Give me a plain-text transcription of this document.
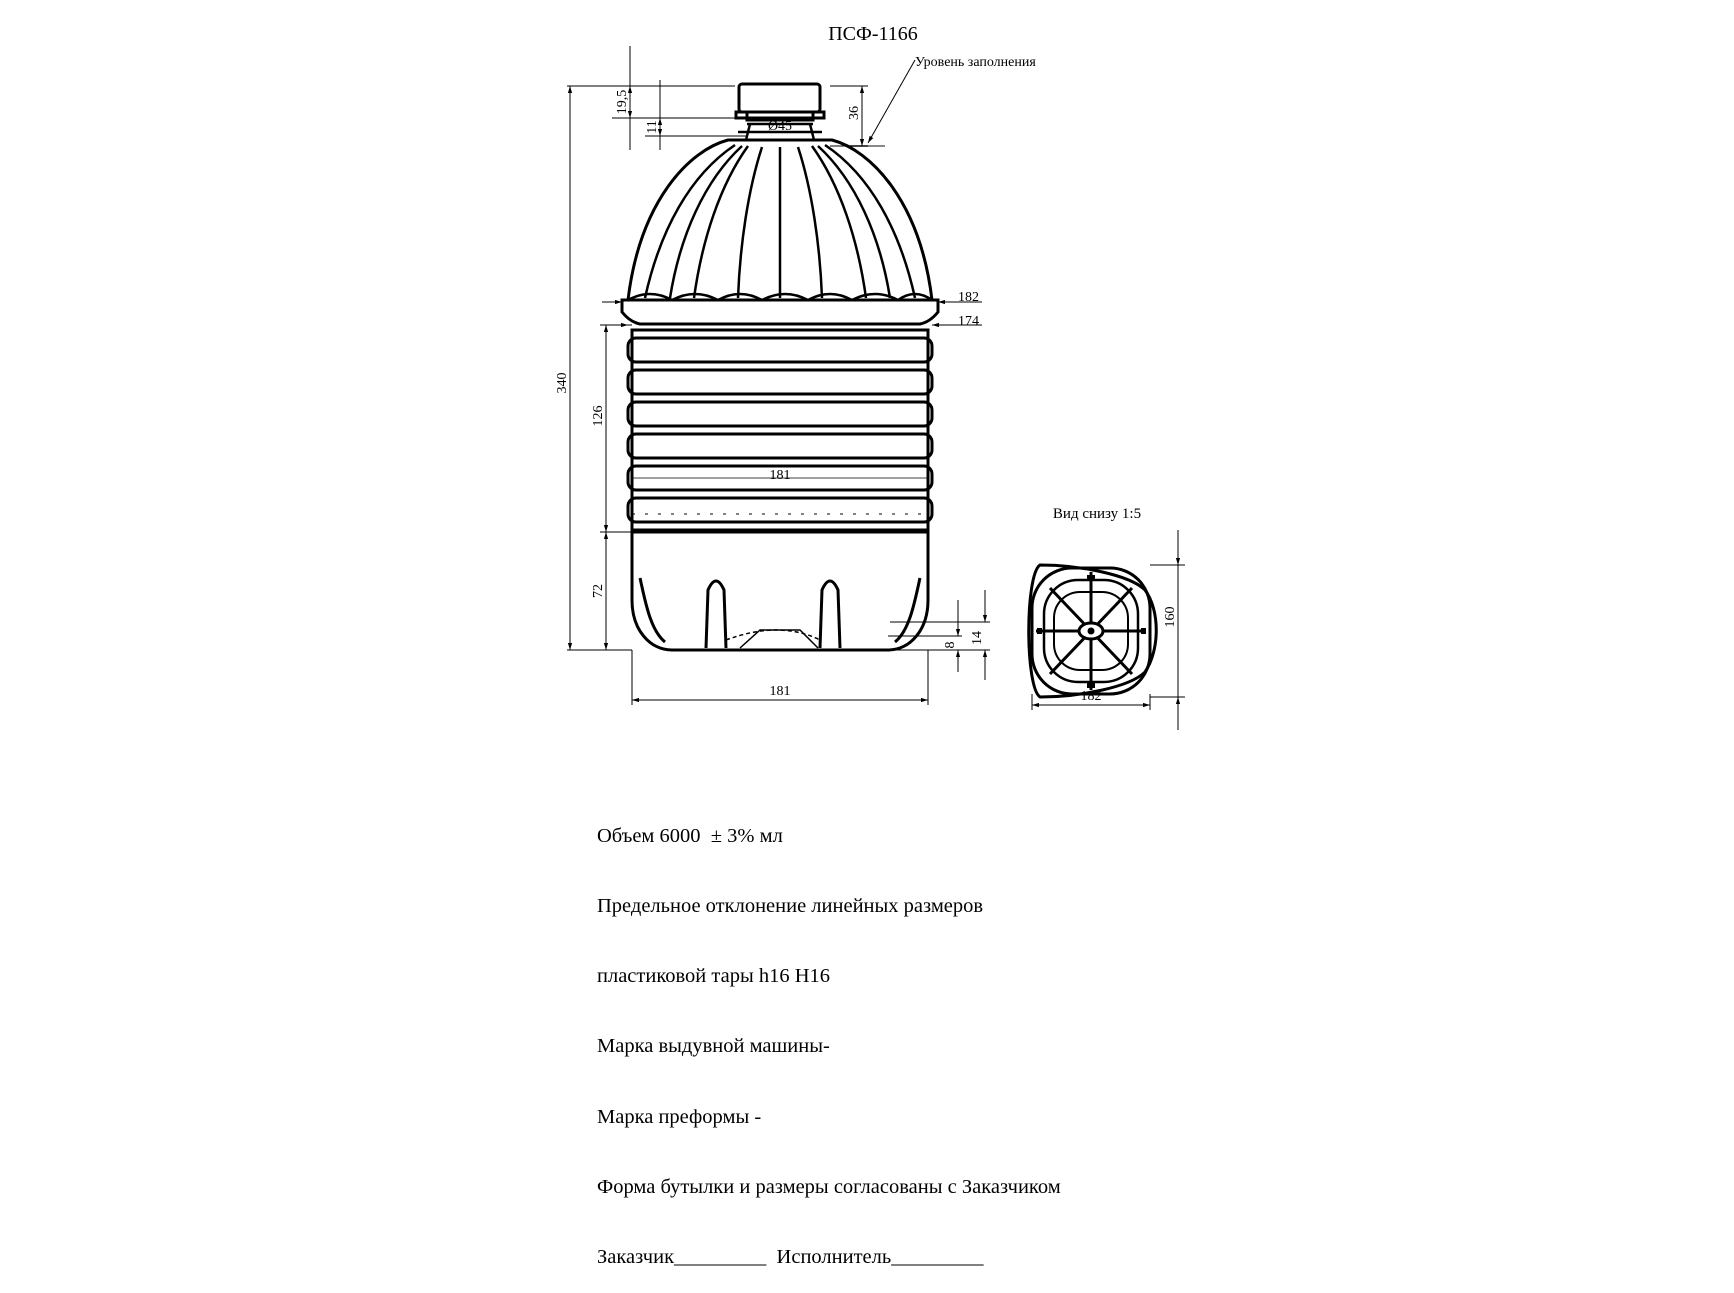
ПСФ-1166
Уровень заполнения
340
19,5
11
36
Ø45
182
174
126
181
72
8 14
181
Вид снизу 1:5
160
182

Объем 6000  ± 3% мл

Предельное отклонение линейных размеров

пластиковой тары h16 H16

Марка выдувной машины-

Марка преформы -

Форма бутылки и размеры согласованы с Заказчиком

Заказчик_________  Исполнитель_________
